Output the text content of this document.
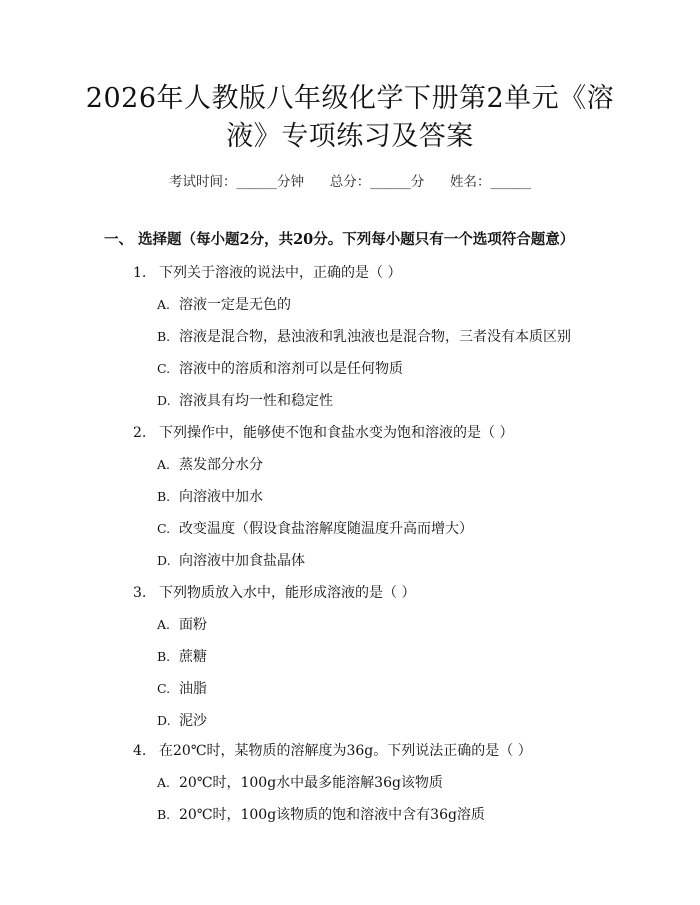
2026年人教版八年级化学下册第2单元《溶
液》专项练习及答案
考试时间：______分钟      总分：______分      姓名：______
一、 选择题（每小题2分，共20分。下列每小题只有一个选项符合题意）
1. 下列关于溶液的说法中，正确的是（ ）
A. 溶液一定是无色的
B. 溶液是混合物，悬浊液和乳浊液也是混合物，三者没有本质区别
C. 溶液中的溶质和溶剂可以是任何物质
D. 溶液具有均一性和稳定性
2. 下列操作中，能够使不饱和食盐水变为饱和溶液的是（ ）
A. 蒸发部分水分
B. 向溶液中加水
C. 改变温度（假设食盐溶解度随温度升高而增大）
D. 向溶液中加食盐晶体
3. 下列物质放入水中，能形成溶液的是（ ）
A. 面粉
B. 蔗糖
C. 油脂
D. 泥沙
4. 在20℃时，某物质的溶解度为36g。下列说法正确的是（ ）
A. 20℃时，100g水中最多能溶解36g该物质
B. 20℃时，100g该物质的饱和溶液中含有36g溶质
